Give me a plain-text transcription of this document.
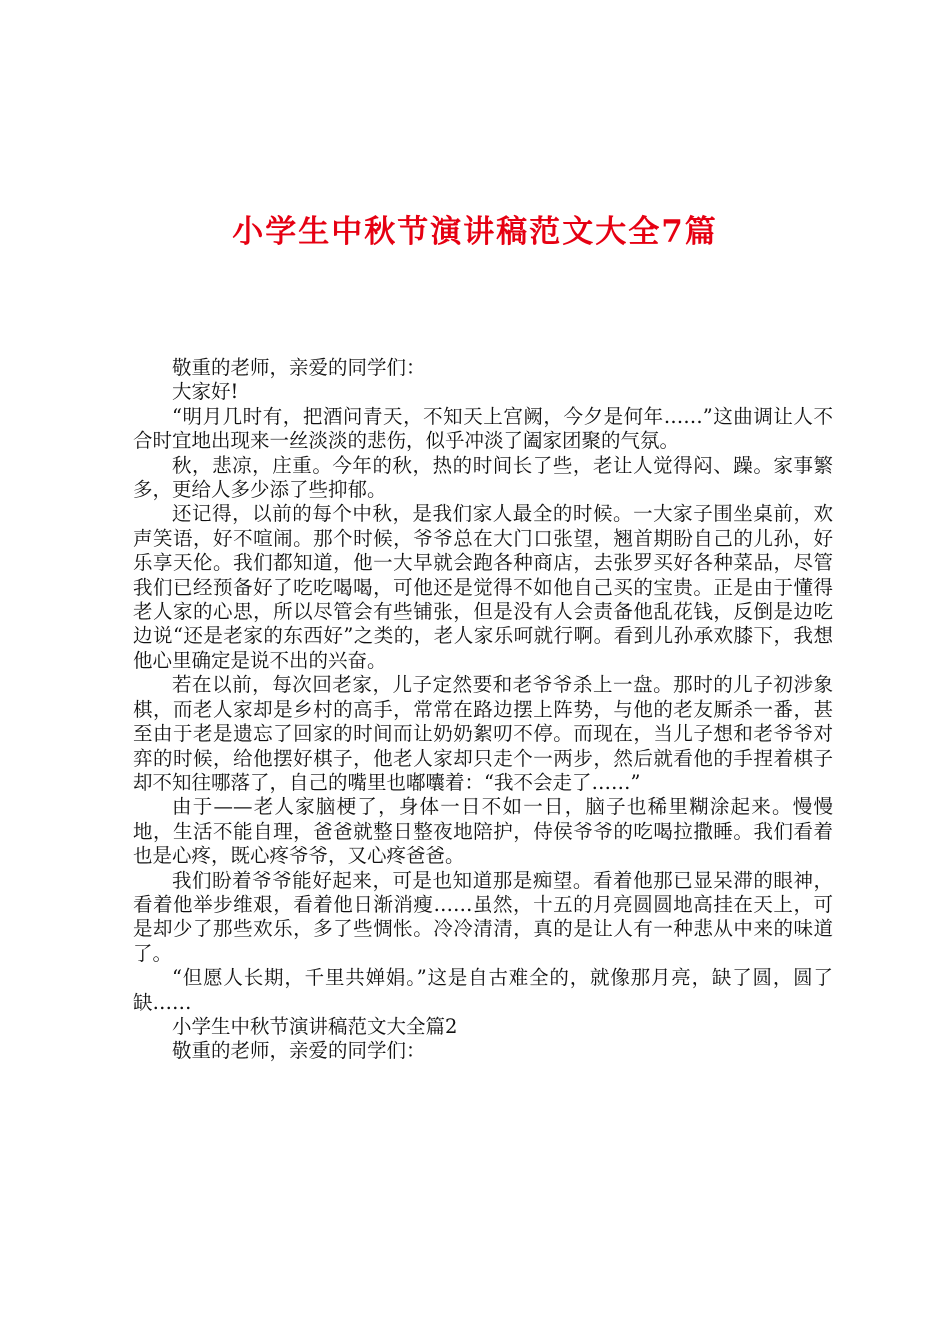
小学生中秋节演讲稿范文大全7篇

敬重的老师，亲爱的同学们：

大家好!

“明月几时有，把酒问青天，不知天上宫阙，今夕是何年……”这曲调让人不合时宜地出现来一丝淡淡的悲伤，似乎冲淡了阖家团聚的气氛。

秋，悲凉，庄重。今年的秋，热的时间长了些，老让人觉得闷、躁。家事繁多，更给人多少添了些抑郁。

还记得，以前的每个中秋，是我们家人最全的时候。一大家子围坐桌前，欢声笑语，好不喧闹。那个时候，爷爷总在大门口张望，翘首期盼自己的儿孙，好乐享天伦。我们都知道，他一大早就会跑各种商店，去张罗买好各种菜品，尽管我们已经预备好了吃吃喝喝，可他还是觉得不如他自己买的宝贵。正是由于懂得老人家的心思，所以尽管会有些铺张，但是没有人会责备他乱花钱，反倒是边吃边说“还是老家的东西好”之类的，老人家乐呵就行啊。看到儿孙承欢膝下，我想他心里确定是说不出的兴奋。

若在以前，每次回老家，儿子定然要和老爷爷杀上一盘。那时的儿子初涉象棋，而老人家却是乡村的高手，常常在路边摆上阵势，与他的老友厮杀一番，甚至由于老是遗忘了回家的时间而让奶奶絮叨不停。而现在，当儿子想和老爷爷对弈的时候，给他摆好棋子，他老人家却只走个一两步，然后就看他的手捏着棋子却不知往哪落了，自己的嘴里也嘟囔着：“我不会走了……”

由于——老人家脑梗了，身体一日不如一日，脑子也稀里糊涂起来。慢慢地，生活不能自理，爸爸就整日整夜地陪护，侍侯爷爷的吃喝拉撒睡。我们看着也是心疼，既心疼爷爷，又心疼爸爸。

我们盼着爷爷能好起来，可是也知道那是痴望。看着他那已显呆滞的眼神，看着他举步维艰，看着他日渐消瘦……虽然，十五的月亮圆圆地高挂在天上，可是却少了那些欢乐，多了些惆怅。冷冷清清，真的是让人有一种悲从中来的味道了。

“但愿人长期，千里共婵娟。”这是自古难全的，就像那月亮，缺了圆，圆了缺……

小学生中秋节演讲稿范文大全篇2

敬重的老师，亲爱的同学们：
